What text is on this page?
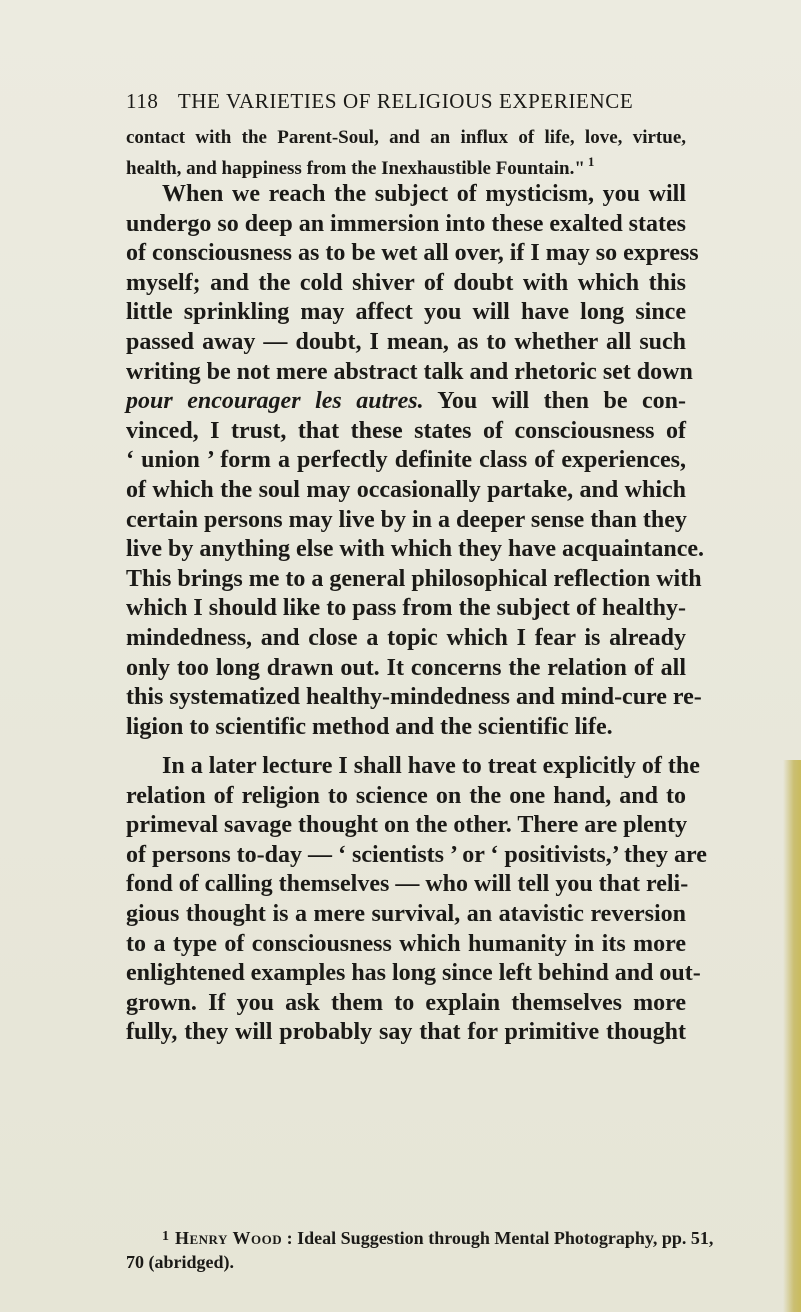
118 THE VARIETIES OF RELIGIOUS EXPERIENCE
contact with the Parent-Soul, and an influx of life, love, virtue,
health, and happiness from the Inexhaustible Fountain." $^1$
When we reach the subject of mysticism, you will
undergo so deep an immersion into these exalted states
of consciousness as to be wet all over, if I may so express
myself; and the cold shiver of doubt with which this
little sprinkling may affect you will have long since
passed away — doubt, I mean, as to whether all such
writing be not mere abstract talk and rhetoric set down
pour encourager les autres. You will then be con-
vinced, I trust, that these states of consciousness of
‘ union ’ form a perfectly definite class of experiences,
of which the soul may occasionally partake, and which
certain persons may live by in a deeper sense than they
live by anything else with which they have acquaintance.
This brings me to a general philosophical reflection with
which I should like to pass from the subject of healthy-
mindedness, and close a topic which I fear is already
only too long drawn out. It concerns the relation of all
this systematized healthy-mindedness and mind-cure re-
ligion to scientific method and the scientific life.
In a later lecture I shall have to treat explicitly of the
relation of religion to science on the one hand, and to
primeval savage thought on the other. There are plenty
of persons to-day — ‘ scientists ’ or ‘ positivists,’ they are
fond of calling themselves — who will tell you that reli-
gious thought is a mere survival, an atavistic reversion
to a type of consciousness which humanity in its more
enlightened examples has long since left behind and out-
grown. If you ask them to explain themselves more
fully, they will probably say that for primitive thought
$^1$ Henry Wood : Ideal Suggestion through Mental Photography, pp. 51,
70 (abridged).
